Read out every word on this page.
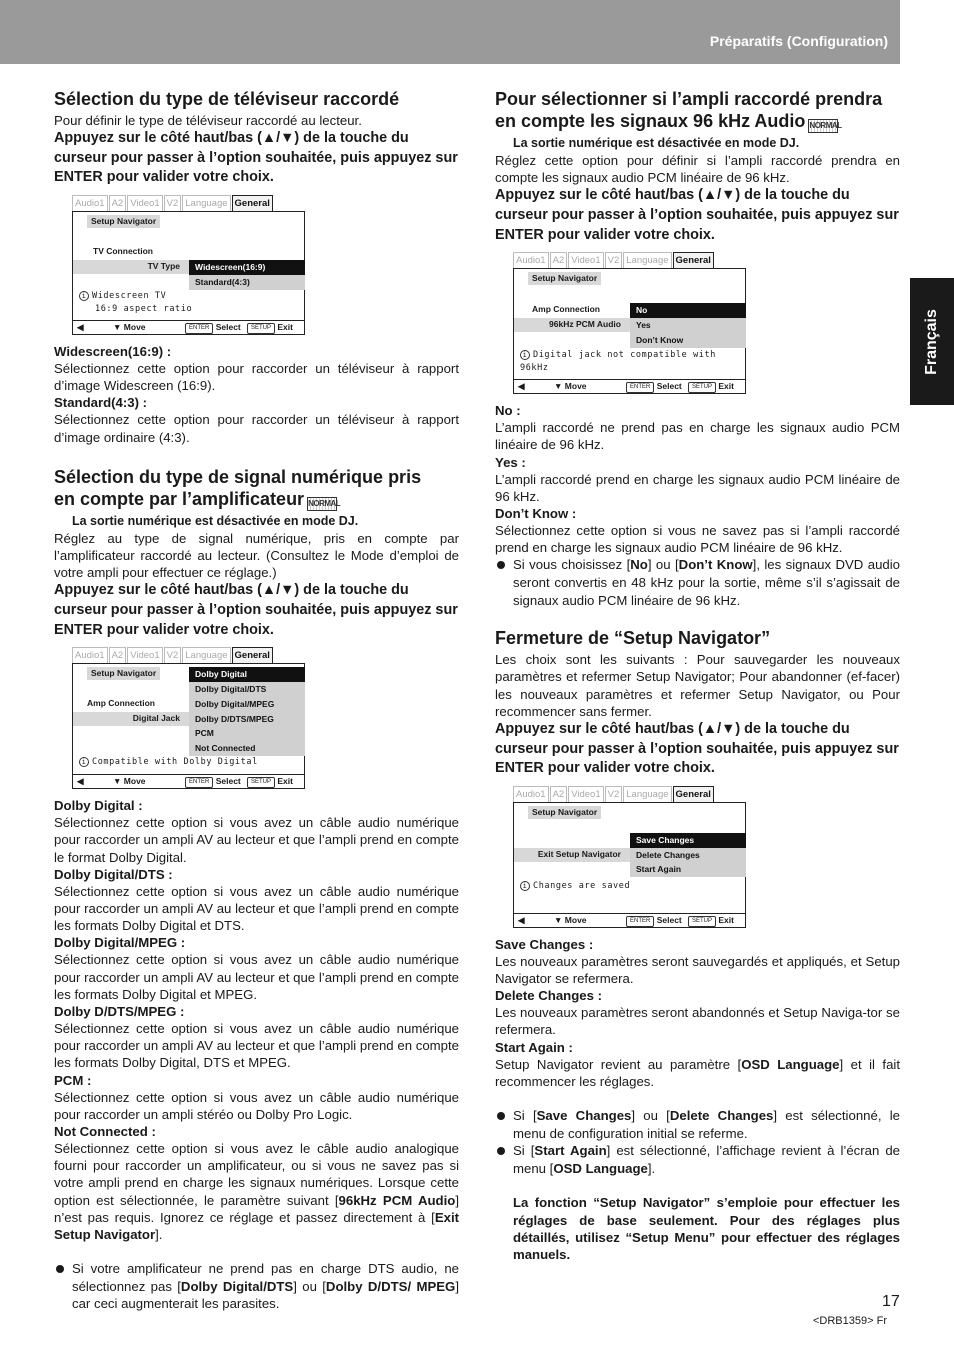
Préparatifs (Configuration)
Français
Sélection du type de téléviseur raccordé

Pour définir le type de téléviseur raccordé au lecteur.

Appuyez sur le côté haut/bas (▲/▼) de la touche du curseur pour passer à l’option souhaitée, puis appuyez sur ENTER pour valider votre choix.

Audio1 A2 Video1 V2 Language General
Setup Navigator
TV Connection
TV Type	Widescreen(16:9)
Standard(4:3)
i Widescreen TV
16:9 aspect ratio
◀	▼ Move	ENTER Select	SETUP Exit
Widescreen(16:9) :

Sélectionnez cette option pour raccorder un téléviseur à rapport d’image Widescreen (16:9).

Standard(4:3) :

Sélectionnez cette option pour raccorder un téléviseur à rapport d’image ordinaire (4:3).

Sélection du type de signal numérique pris
en compte par l’amplificateur NORMAL

La sortie numérique est désactivée en mode DJ.

Réglez au type de signal numérique, pris en compte par l’amplificateur raccordé au lecteur. (Consultez le Mode d’emploi de votre ampli pour effectuer ce réglage.)

Appuyez sur le côté haut/bas (▲/▼) de la touche du curseur pour passer à l’option souhaitée, puis appuyez sur ENTER pour valider votre choix.

Audio1 A2 Video1 V2 Language General
Setup Navigator
Amp Connection
Digital Jack
Dolby Digital
Dolby Digital/DTS
Dolby Digital/MPEG
Dolby D/DTS/MPEG
PCM
Not Connected
i Compatible with Dolby Digital
◀	▼ Move	ENTER Select	SETUP Exit
Dolby Digital :

Sélectionnez cette option si vous avez un câble audio numérique pour raccorder un ampli AV au lecteur et que l’ampli prend en compte le format Dolby Digital.

Dolby Digital/DTS :

Sélectionnez cette option si vous avez un câble audio numérique pour raccorder un ampli AV au lecteur et que l’ampli prend en compte les formats Dolby Digital et DTS.

Dolby Digital/MPEG :

Sélectionnez cette option si vous avez un câble audio numérique pour raccorder un ampli AV au lecteur et que l’ampli prend en compte les formats Dolby Digital et MPEG.

Dolby D/DTS/MPEG :

Sélectionnez cette option si vous avez un câble audio numérique pour raccorder un ampli AV au lecteur et que l’ampli prend en compte les formats Dolby Digital, DTS et MPEG.

PCM :

Sélectionnez cette option si vous avez un câble audio numérique pour raccorder un ampli stéréo ou Dolby Pro Logic.

Not Connected :

Sélectionnez cette option si vous avez le câble audio analogique fourni pour raccorder un amplificateur, ou si vous ne savez pas si votre ampli prend en charge les signaux numériques. Lorsque cette option est sélectionnée, le paramètre suivant [96kHz PCM Audio] n’est pas requis. Ignorez ce réglage et passez directement à [Exit Setup Navigator].

Si votre amplificateur ne prend pas en charge DTS audio, ne sélectionnez pas [Dolby Digital/DTS] ou [Dolby D/DTS/ MPEG] car ceci augmenterait les parasites.

Pour sélectionner si l’ampli raccordé prendra
en compte les signaux 96 kHz Audio NORMAL

La sortie numérique est désactivée en mode DJ.

Réglez cette option pour définir si l’ampli raccordé prendra en compte les signaux audio PCM linéaire de 96 kHz.

Appuyez sur le côté haut/bas (▲/▼) de la touche du curseur pour passer à l’option souhaitée, puis appuyez sur ENTER pour valider votre choix.

Audio1 A2 Video1 V2 Language General
Setup Navigator
Amp Connection
96kHz PCM Audio
No
Yes
Don’t Know
i Digital jack not compatible with 96kHz
◀	▼ Move	ENTER Select	SETUP Exit
No :

L’ampli raccordé ne prend pas en charge les signaux audio PCM linéaire de 96 kHz.

Yes :

L’ampli raccordé prend en charge les signaux audio PCM linéaire de 96 kHz.

Don’t Know :

Sélectionnez cette option si vous ne savez pas si l’ampli raccordé prend en charge les signaux audio PCM linéaire de 96 kHz.

Si vous choisissez [No] ou [Don’t Know], les signaux DVD audio seront convertis en 48 kHz pour la sortie, même s’il s’agissait de signaux audio PCM linéaire de 96 kHz.

Fermeture de “Setup Navigator”

Les choix sont les suivants : Pour sauvegarder les nouveaux paramètres et refermer Setup Navigator; Pour abandonner (ef-facer) les nouveaux paramètres et refermer Setup Navigator, ou Pour recommencer sans fermer.

Appuyez sur le côté haut/bas (▲/▼) de la touche du curseur pour passer à l’option souhaitée, puis appuyez sur ENTER pour valider votre choix.

Audio1 A2 Video1 V2 Language General
Setup Navigator
Exit Setup Navigator
Save Changes
Delete Changes
Start Again
i Changes are saved
◀	▼ Move	ENTER Select	SETUP Exit
Save Changes :

Les nouveaux paramètres seront sauvegardés et appliqués, et Setup Navigator se refermera.

Delete Changes :

Les nouveaux paramètres seront abandonnés et Setup Naviga-tor se refermera.

Start Again :

Setup Navigator revient au paramètre [OSD Language] et il fait recommencer les réglages.

Si [Save Changes] ou [Delete Changes] est sélectionné, le menu de configuration initial se referme.

Si [Start Again] est sélectionné, l’affichage revient à l’écran de menu [OSD Language].

La fonction “Setup Navigator” s’emploie pour effectuer les réglages de base seulement. Pour des réglages plus détaillés, utilisez “Setup Menu” pour effectuer des réglages manuels.

17
<DRB1359> Fr
